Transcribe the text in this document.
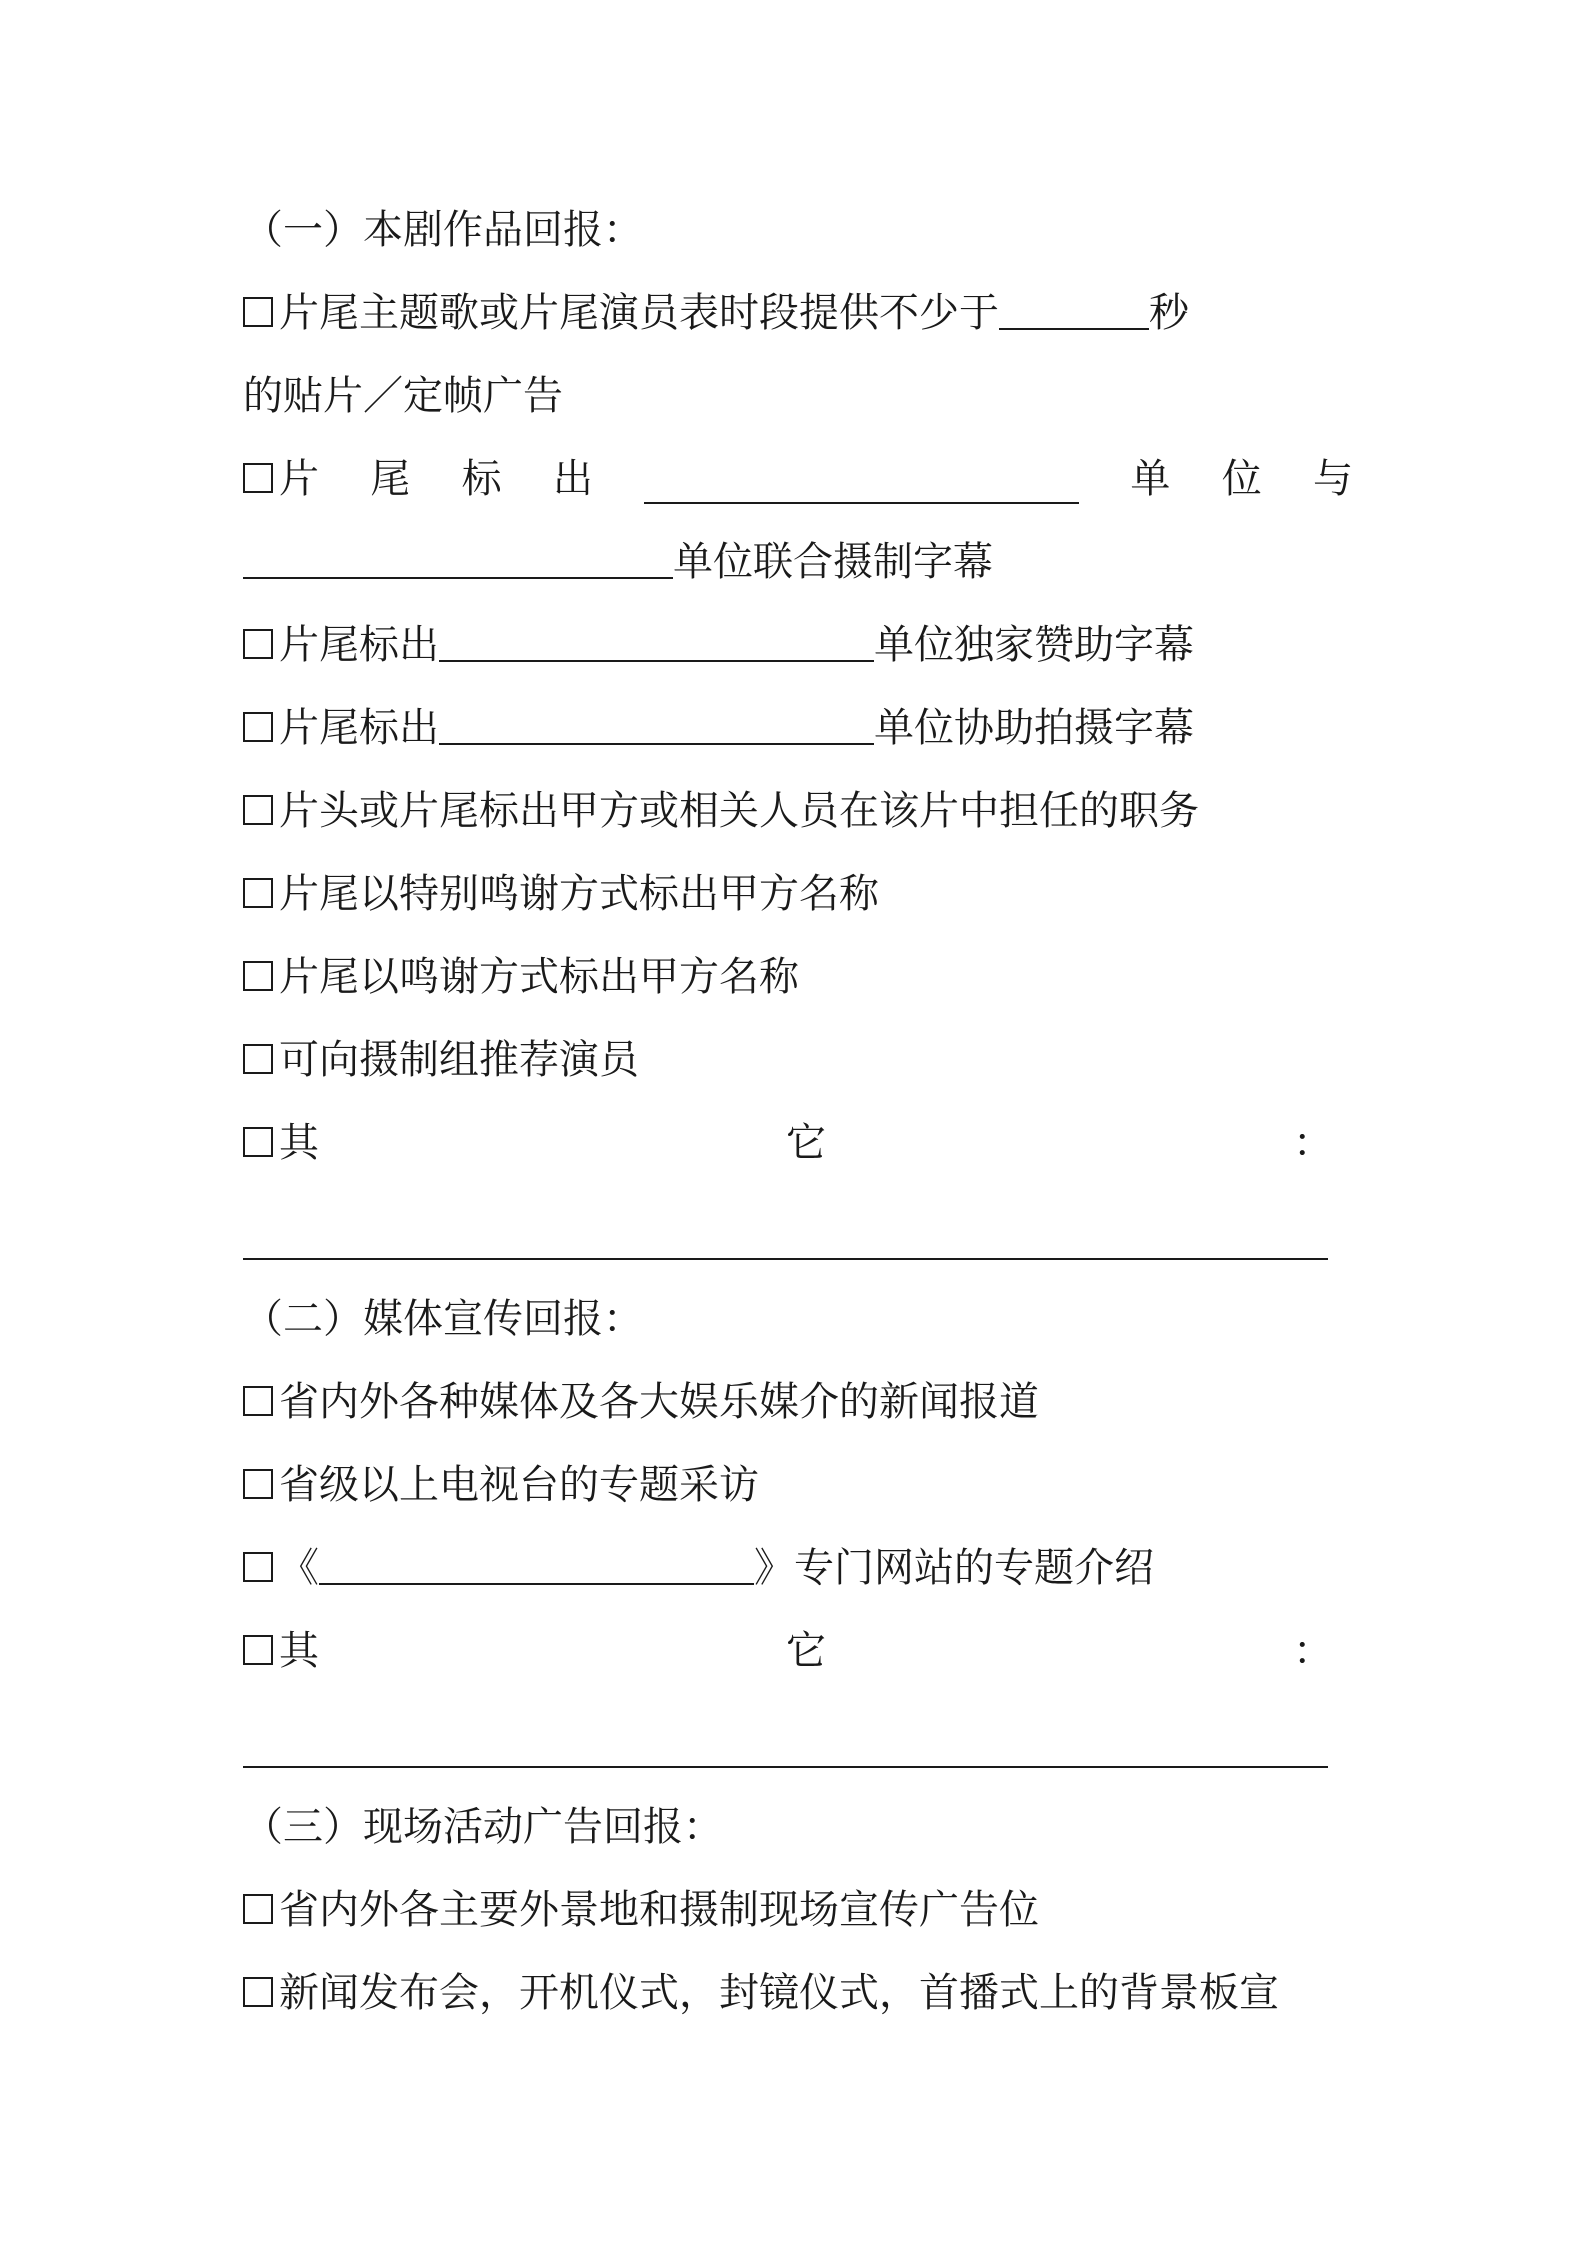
（一）本剧作品回报：
片尾主题歌或片尾演员表时段提供不少于	秒
的贴片／定帧广告
片 尾 标 出	单 位 与
单位联合摄制字幕
片尾标出	单位独家赞助字幕
片尾标出	单位协助拍摄字幕
片头或片尾标出甲方或相关人员在该片中担任的职务
片尾以特别鸣谢方式标出甲方名称
片尾以鸣谢方式标出甲方名称
可向摄制组推荐演员
其	它	：
（二）媒体宣传回报：
省内外各种媒体及各大娱乐媒介的新闻报道
省级以上电视台的专题采访
《	》专门网站的专题介绍
其	它	：
（三）现场活动广告回报：
省内外各主要外景地和摄制现场宣传广告位
新闻发布会，开机仪式，封镜仪式，首播式上的背景板宣
